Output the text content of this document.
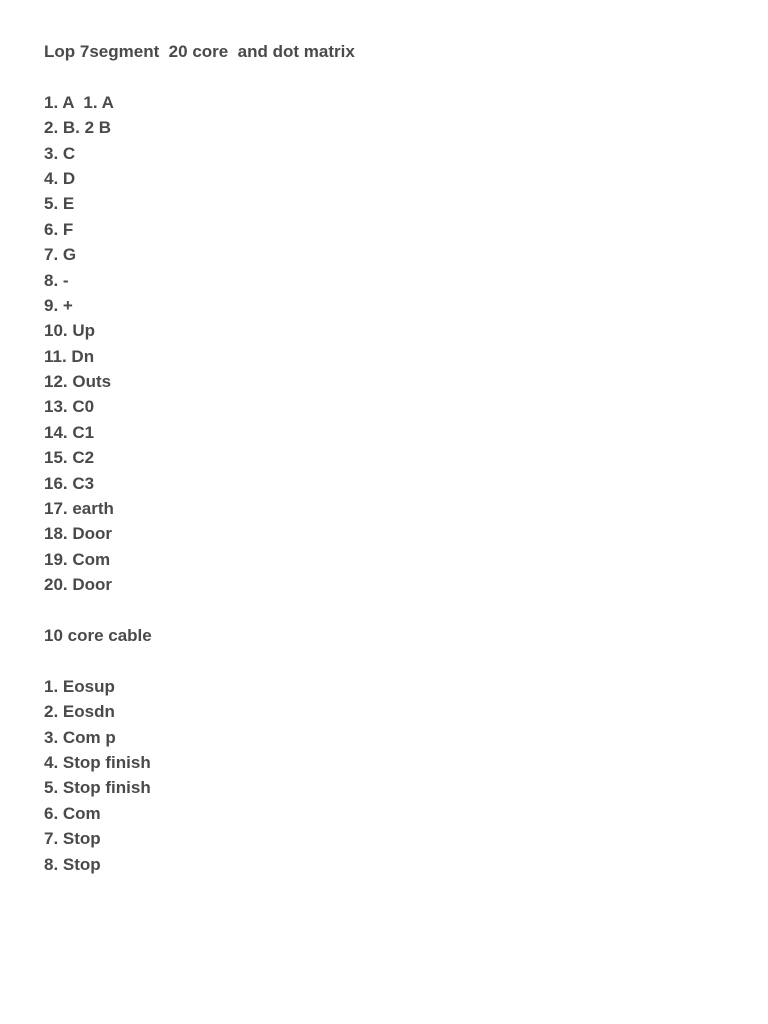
Lop 7segment  20 core  and dot matrix
1. A  1. A
2. B. 2 B
3. C
4. D
5. E
6. F
7. G
8. -
9. +
10. Up
11. Dn
12. Outs
13. C0
14. C1
15. C2
16. C3
17. earth
18. Door
19. Com
20. Door
10 core cable
1. Eosup
2. Eosdn
3. Com p
4. Stop finish
5. Stop finish
6. Com
7. Stop
8. Stop
